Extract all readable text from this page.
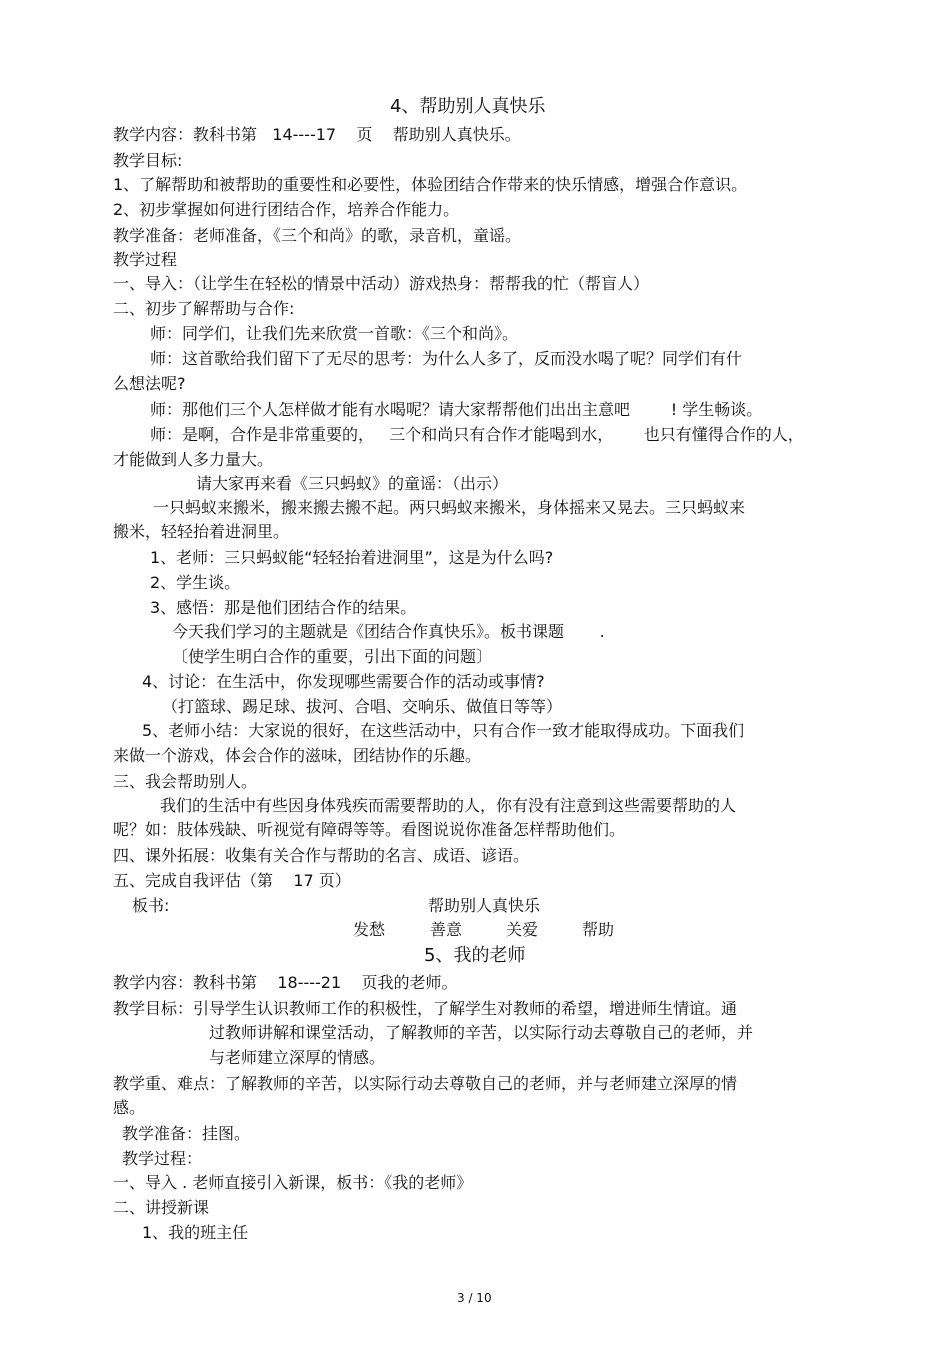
4、帮助别人真快乐
教学内容：教科书第   14----17    页    帮助别人真快乐。
教学目标:
1、了解帮助和被帮助的重要性和必要性，体验团结合作带来的快乐情感，增强合作意识。
2、初步掌握如何进行团结合作，培养合作能力。
教学准备：老师准备，《三个和尚》的歌，录音机，童谣。
教学过程
一、导入：（让学生在轻松的情景中活动）游戏热身：帮帮我的忙（帮盲人）
二、初步了解帮助与合作:
师：同学们，让我们先来欣赏一首歌：《三个和尚》。
师：这首歌给我们留下了无尽的思考：为什么人多了，反而没水喝了呢？同学们有什
么想法呢?
师：那他们三个人怎样做才能有水喝呢？请大家帮帮他们出出主意吧        ! 学生畅谈。
师：是啊，合作是非常重要的，   三个和尚只有合作才能喝到水，      也只有懂得合作的人，
才能做到人多力量大。
请大家再来看《三只蚂蚁》的童谣：（出示）
一只蚂蚁来搬米，搬来搬去搬不起。两只蚂蚁来搬米，身体摇来又晃去。三只蚂蚁来
搬米，轻轻抬着进洞里。
1、老师：三只蚂蚁能“轻轻抬着进洞里”，这是为什么吗?
2、学生谈。
3、感悟：那是他们团结合作的结果。
今天我们学习的主题就是《团结合作真快乐》。板书课题       .
〔使学生明白合作的重要，引出下面的问题〕
4、讨论：在生活中，你发现哪些需要合作的活动或事情?
（打篮球、踢足球、拔河、合唱、交响乐、做值日等等）
5、老师小结：大家说的很好，在这些活动中，只有合作一致才能取得成功。下面我们
来做一个游戏，体会合作的滋味，团结协作的乐趣。
三、我会帮助别人。
我们的生活中有些因身体残疾而需要帮助的人，你有没有注意到这些需要帮助的人
呢？如：肢体残缺、听视觉有障碍等等。看图说说你准备怎样帮助他们。
四、课外拓展：收集有关合作与帮助的名言、成语、谚语。
五、完成自我评估（第    17 页）
板书:	帮助别人真快乐
发愁	善意	关爱	帮助
5、我的老师
教学内容：教科书第    18----21    页我的老师。
教学目标：引导学生认识教师工作的积极性，了解学生对教师的希望，增进师生情谊。通
过教师讲解和课堂活动，了解教师的辛苦，以实际行动去尊敬自己的老师，并
与老师建立深厚的情感。
教学重、难点：了解教师的辛苦，以实际行动去尊敬自己的老师，并与老师建立深厚的情
感。
教学准备：挂图。
教学过程：
一、导入 . 老师直接引入新课，板书：《我的老师》
二、讲授新课
1、我的班主任
3 / 10
